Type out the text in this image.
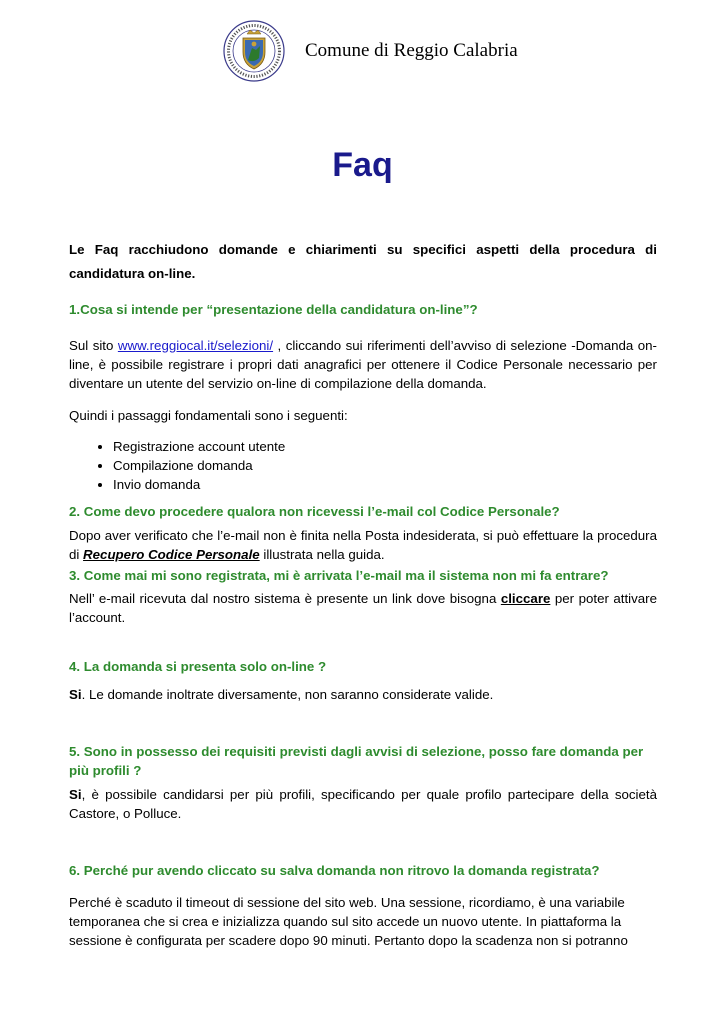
Comune di Reggio Calabria
Faq

Le Faq racchiudono domande e chiarimenti su specifici aspetti della procedura di candidatura on-line.

1.Cosa si intende per “presentazione della candidatura on-line”?

Sul sito www.reggiocal.it/selezioni/ , cliccando sui riferimenti dell’avviso di selezione -Domanda on-line, è possibile registrare i propri dati anagrafici per ottenere il Codice Personale necessario per diventare un utente del servizio on-line di compilazione della domanda.

Quindi i passaggi fondamentali sono i seguenti:

• Registrazione account utente
• Compilazione domanda
• Invio domanda

2. Come devo procedere qualora non ricevessi l’e-mail col Codice Personale?

Dopo aver verificato che l’e-mail non è finita nella Posta indesiderata, si può effettuare la procedura di Recupero Codice Personale illustrata nella guida.

3. Come mai mi sono registrata, mi è arrivata l’e-mail ma il sistema non mi fa entrare?

Nell’ e-mail ricevuta dal nostro sistema è presente un link dove bisogna cliccare per poter attivare l’account.

4. La domanda si presenta solo on-line ?

Si. Le domande inoltrate diversamente, non saranno considerate valide.

5. Sono in possesso dei requisiti previsti dagli avvisi di selezione, posso fare domanda per più profili ?

Si, è possibile candidarsi per più profili, specificando per quale profilo partecipare della società Castore, o Polluce.

6. Perché pur avendo cliccato su salva domanda non ritrovo la domanda registrata?

Perché è scaduto il timeout di sessione del sito web. Una sessione, ricordiamo, è una variabile temporanea che si crea e inizializza quando sul sito accede un nuovo utente. In piattaforma la sessione è configurata per scadere dopo 90 minuti. Pertanto dopo la scadenza non si potranno
